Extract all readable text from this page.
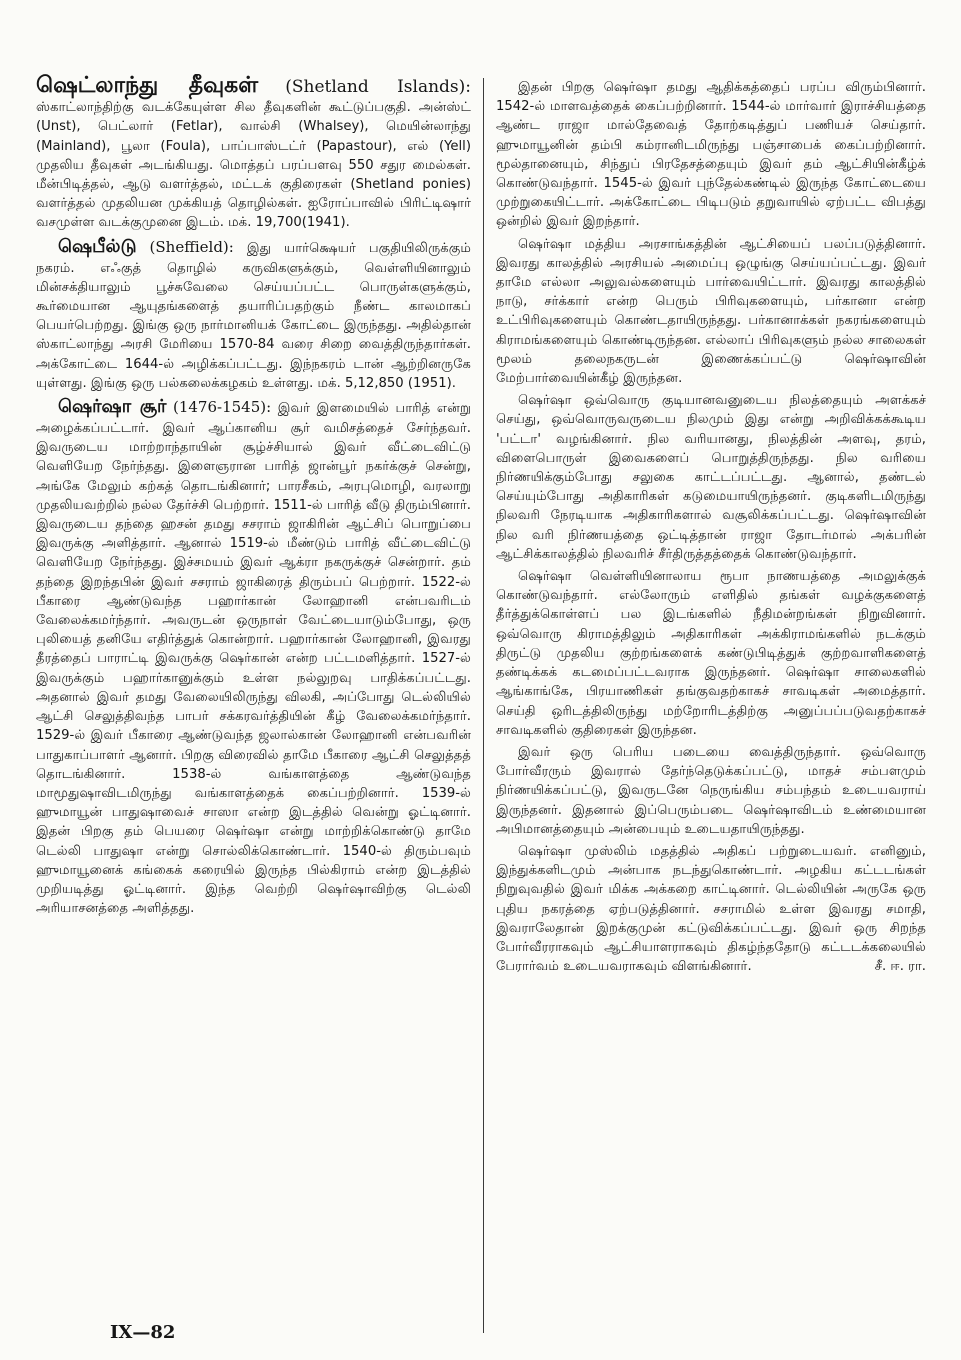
ஷெட்லாந்து தீவுகள் (Shetland Islands): ஸ்காட்லாந்திற்கு வடக்கேயுள்ள சில தீவுகளின் கூட்டுப்பகுதி. அன்ஸ்ட் (Unst), பெட்லார் (Fetlar), வால்சி (Whalsey), மெயின்லாந்து (Mainland), பூலா (Foula), பாப்பாஸ்டட்ர் (Papastour), எல் (Yell) முதலிய தீவுகள் அடங்கியது. மொத்தப் பரப்பளவு 550 சதுர மைல்கள். மீன்பிடித்தல், ஆடு வளர்த்தல், மட்டக் குதிரைகள் (Shetland ponies) வளர்த்தல் முதலியன முக்கியத் தொழில்கள். ஐரோப்பாவில் பிரிட்டிஷார் வசமுள்ள வடக்குமுனை இடம். மக். 19,700(1941).
ஷெபீல்டு (Sheffield): இது யார்க்ஷெயர் பகுதியிலிருக்கும் நகரம். எஃகுத் தொழில் கருவிகளுக்கும், வெள்ளியினாலும் மின்சக்தியாலும் பூச்சுவேலை செய்யப்பட்ட பொருள்களுக்கும், கூர்மையான ஆயுதங்களைத் தயாரிப்பதற்கும் நீண்ட காலமாகப் பெயர்பெற்றது. இங்கு ஒரு நார்மானியக் கோட்டை இருந்தது. அதில்தான் ஸ்காட்லாந்து அரசி மேரியை 1570-84 வரை சிறை வைத்திருந்தார்கள். அக்கோட்டை 1644-ல் அழிக்கப்பட்டது. இந்நகரம் டான் ஆற்றினருகே யுள்ளது. இங்கு ஒரு பல்கலைக்கழகம் உள்ளது. மக். 5,12,850 (1951).
ஷெர்ஷா சூர் (1476-1545): இவர் இளமையில் பாரித் என்று அழைக்கப்பட்டார். இவர் ஆப்கானிய சூர் வமிசத்தைச் சேர்ந்தவர். இவருடைய மாற்றாந்தாயின் சூழ்ச்சியால் இவர் வீட்டைவிட்டு வெளியேற நேர்ந்தது. இளைஞரான பாரித் ஜான்பூர் நகர்க்குச் சென்று, அங்கே மேலும் கற்கத் தொடங்கினார்; பாரசீகம், அரபுமொழி, வரலாறு முதலியவற்றில் நல்ல தேர்ச்சி பெற்றார். 1511-ல் பாரித் வீடு திரும்பினார். இவருடைய தந்தை ஹசன் தமது சசராம் ஜாகிரின் ஆட்சிப் பொறுப்பை இவருக்கு அளித்தார். ஆனால் 1519-ல் மீண்டும் பாரித் வீட்டைவிட்டு வெளியேற நேர்ந்தது. இச்சமயம் இவர் ஆக்ரா நகருக்குச் சென்றார். தம் தந்தை இறந்தபின் இவர் சசராம் ஜாகிரைத் திரும்பப் பெற்றார். 1522-ல் பீகாரை ஆண்டுவந்த பஹார்கான் லோஹானி என்பவரிடம் வேலைக்கமர்ந்தார். அவருடன் ஒருநாள் வேட்டையாடும்போது, ஒரு புலியைத் தனியே எதிர்த்துக் கொன்றார். பஹார்கான் லோஹானி, இவரது தீரத்தைப் பாராட்டி இவருக்கு ஷெர்கான் என்ற பட்டமளித்தார். 1527-ல் இவருக்கும் பஹார்கானுக்கும் உள்ள நல்லுறவு பாதிக்கப்பட்டது. அதனால் இவர் தமது வேலையிலிருந்து விலகி, அப்போது டெல்லியில் ஆட்சி செலுத்திவந்த பாபர் சக்கரவர்த்தியின் கீழ் வேலைக்கமர்ந்தார். 1529-ல் இவர் பீகாரை ஆண்டுவந்த ஜலால்கான் லோஹானி என்பவரின் பாதுகாப்பாளர் ஆனார். பிறகு விரைவில் தாமே பீகாரை ஆட்சி செலுத்தத் தொடங்கினார். 1538-ல் வங்காளத்தை ஆண்டுவந்த மாமூதுஷாவிடமிருந்து வங்காளத்தைக் கைப்பற்றினார். 1539-ல் ஹுமாயூன் பாதுஷாவைச் சாஸா என்ற இடத்தில் வென்று ஓட்டினார். இதன் பிறகு தம் பெயரை ஷெர்ஷா என்று மாற்றிக்கொண்டு தாமே டெல்லி பாதுஷா என்று சொல்லிக்கொண்டார். 1540-ல் திரும்பவும் ஹுமாயூனைக் கங்கைக் கரையில் இருந்த பில்கிராம் என்ற இடத்தில் முறியடித்து ஓட்டினார். இந்த வெற்றி ஷெர்ஷாவிற்கு டெல்லி அரியாசனத்தை அளித்தது.

இதன் பிறகு ஷெர்ஷா தமது ஆதிக்கத்தைப் பரப்ப விரும்பினார். 1542-ல் மாளவத்தைக் கைப்பற்றினார். 1544-ல் மார்வார் இராச்சியத்தை ஆண்ட ராஜா மால்தேவைத் தோற்கடித்துப் பணியச் செய்தார். ஹுமாயூனின் தம்பி கம்ரானிடமிருந்து பஞ்சாபைக் கைப்பற்றினார். மூல்தானையும், சிந்துப் பிரதேசத்தையும் இவர் தம் ஆட்சியின்கீழ்க் கொண்டுவந்தார். 1545-ல் இவர் புந்தேல்கண்டில் இருந்த கோட்டையை முற்றுகையிட்டார். அக்கோட்டை பிடிபடும் தறுவாயில் ஏற்பட்ட விபத்து ஒன்றில் இவர் இறந்தார்.

ஷெர்ஷா மத்திய அரசாங்கத்தின் ஆட்சியைப் பலப்படுத்தினார். இவரது காலத்தில் அரசியல் அமைப்பு ஒழுங்கு செய்யப்பட்டது. இவர் தாமே எல்லா அலுவல்களையும் பார்வையிட்டார். இவரது காலத்தில் நாடு, சர்க்கார் என்ற பெரும் பிரிவுகளையும், பர்கானா என்ற உட்பிரிவுகளையும் கொண்டதாயிருந்தது. பர்கானாக்கள் நகரங்களையும் கிராமங்களையும் கொண்டிருந்தன. எல்லாப் பிரிவுகளும் நல்ல சாலைகள் மூலம் தலைநகருடன் இணைக்கப்பட்டு ஷெர்ஷாவின் மேற்பார்வையின்கீழ் இருந்தன.

ஷெர்ஷா ஒவ்வொரு குடியானவனுடைய நிலத்தையும் அளக்கச் செய்து, ஒவ்வொருவருடைய நிலமும் இது என்று அறிவிக்கக்கூடிய 'பட்டா' வழங்கினார். நில வரியானது, நிலத்தின் அளவு, தரம், விளைபொருள் இவைகளைப் பொறுத்திருந்தது. நில வரியை நிர்ணயிக்கும்போது சலுகை காட்டப்பட்டது. ஆனால், தண்டல் செய்யும்போது அதிகாரிகள் கடுமையாயிருந்தனர். குடிகளிடமிருந்து நிலவரி நேரடியாக அதிகாரிகளால் வசூலிக்கப்பட்டது. ஷெர்ஷாவின் நில வரி நிர்ணயத்தை ஒட்டித்தான் ராஜா தோடர்மால் அக்பரின் ஆட்சிக்காலத்தில் நிலவரிச் சீர்திருத்தத்தைக் கொண்டுவந்தார்.

ஷெர்ஷா வெள்ளியினாலாய ரூபா நாணயத்தை அமலுக்குக் கொண்டுவந்தார். எல்லோரும் எளிதில் தங்கள் வழக்குகளைத் தீர்த்துக்கொள்ளப் பல இடங்களில் நீதிமன்றங்கள் நிறுவினார். ஒவ்வொரு கிராமத்திலும் அதிகாரிகள் அக்கிராமங்களில் நடக்கும் திருட்டு முதலிய குற்றங்களைக் கண்டுபிடித்துக் குற்றவாளிகளைத் தண்டிக்கக் கடமைப்பட்டவராக இருந்தனர். ஷெர்ஷா சாலைகளில் ஆங்காங்கே, பிரயாணிகள் தங்குவதற்காகச் சாவடிகள் அமைத்தார். செய்தி ஒரிடத்திலிருந்து மற்றோரிடத்திற்கு அனுப்பப்படுவதற்காகச் சாவடிகளில் குதிரைகள் இருந்தன.

இவர் ஒரு பெரிய படையை வைத்திருந்தார். ஒவ்வொரு போர்வீரரும் இவரால் தேர்ந்தெடுக்கப்பட்டு, மாதச் சம்பளமும் நிர்ணயிக்கப்பட்டு, இவருடனே நெருங்கிய சம்பந்தம் உடையவராய் இருந்தனர். இதனால் இப்பெரும்படை ஷெர்ஷாவிடம் உண்மையான அபிமானத்தையும் அன்பையும் உடையதாயிருந்தது.

ஷெர்ஷா முஸ்லிம் மதத்தில் அதிகப் பற்றுடையவர். எனினும், இந்துக்களிடமும் அன்பாக நடந்துகொண்டார். அழகிய கட்டடங்கள் நிறுவுவதில் இவர் மிக்க அக்கறை காட்டினார். டெல்லியின் அருகே ஒரு புதிய நகரத்தை ஏற்படுத்தினார். சசராமில் உள்ள இவரது சமாதி, இவராலேதான் இறக்குமுன் கட்டுவிக்கப்பட்டது. இவர் ஒரு சிறந்த போர்வீரராகவும் ஆட்சியாளராகவும் திகழ்ந்ததோடு கட்டடக்கலையில் பேரார்வம் உடையவராகவும் விளங்கினார்.	சீ. ஈ. ரா.

IX—82
